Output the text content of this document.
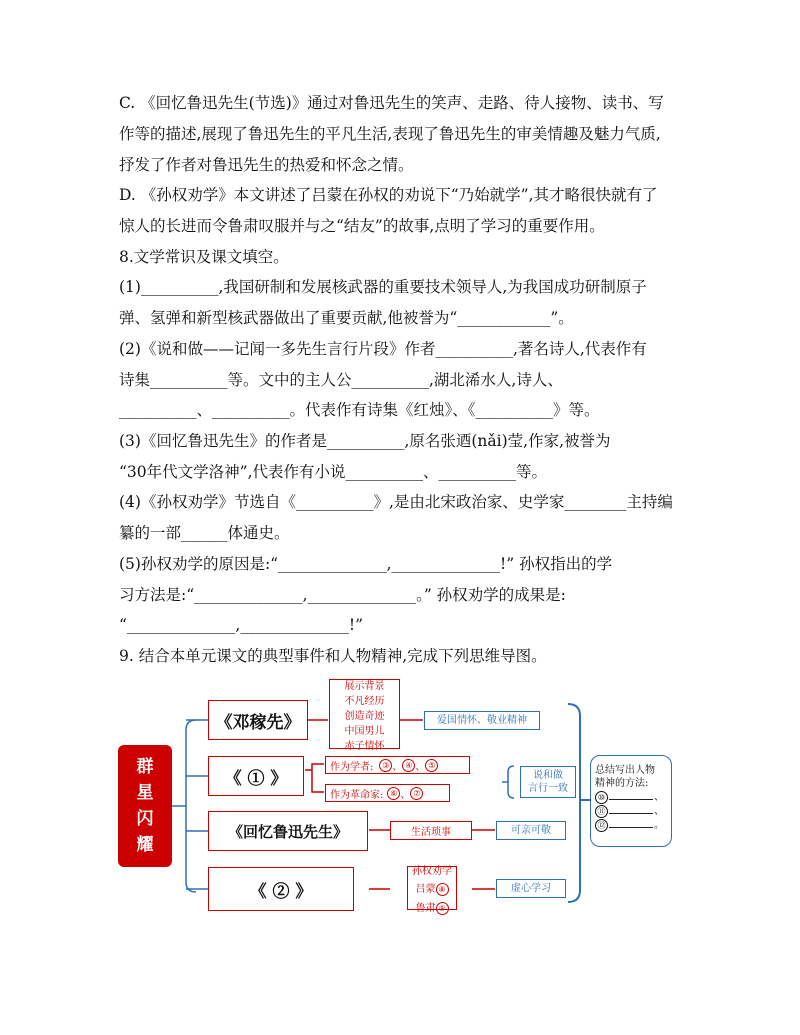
C. 《回忆鲁迅先生(节选)》通过对鲁迅先生的笑声、走路、待人接物、读书、写
作等的描述,展现了鲁迅先生的平凡生活,表现了鲁迅先生的审美情趣及魅力气质,
抒发了作者对鲁迅先生的热爱和怀念之情。
D. 《孙权劝学》本文讲述了吕蒙在孙权的劝说下“乃始就学”,其才略很快就有了
惊人的长进而令鲁肃叹服并与之“结友”的故事,点明了学习的重要作用。
8.文学常识及课文填空。
(1)__________,我国研制和发展核武器的重要技术领导人,为我国成功研制原子
弹、氢弹和新型核武器做出了重要贡献,他被誉为“____________”。
(2)《说和做——记闻一多先生言行片段》作者__________,著名诗人,代表作有
诗集__________等。文中的主人公__________,湖北浠水人,诗人、
__________、__________。代表作有诗集《红烛》、《__________》等。
(3)《回忆鲁迅先生》的作者是__________,原名张迺(nǎi)莹,作家,被誉为
“30年代文学洛神”,代表作有小说__________、__________等。
(4)《孙权劝学》节选自《__________》,是由北宋政治家、史学家________主持编
纂的一部______体通史。
(5)孙权劝学的原因是:“______________,______________!” 孙权指出的学
习方法是:“______________,______________。” 孙权劝学的成果是:
“______________,______________!”
9. 结合本单元课文的典型事件和人物精神,完成下列思维导图。
群
星
闪
耀
《邓稼先》
《 ① 》
《回忆鲁迅先生》
《 ② 》
展示背景
不凡经历
创造奇迹
中国男儿
赤子情怀
爱国情怀、敬业精神
作为学者:	③ 、 ④ 、 ⑤
作为革命家: ⑥ 、 ⑦
说和做
言行一致
生活琐事	可亲可敬
孙权劝学
吕蒙 ⑧
鲁肃 ⑨
虚心学习
总结写出人物
精神的方法:
⑩	、
⑪	、
⑫	。
